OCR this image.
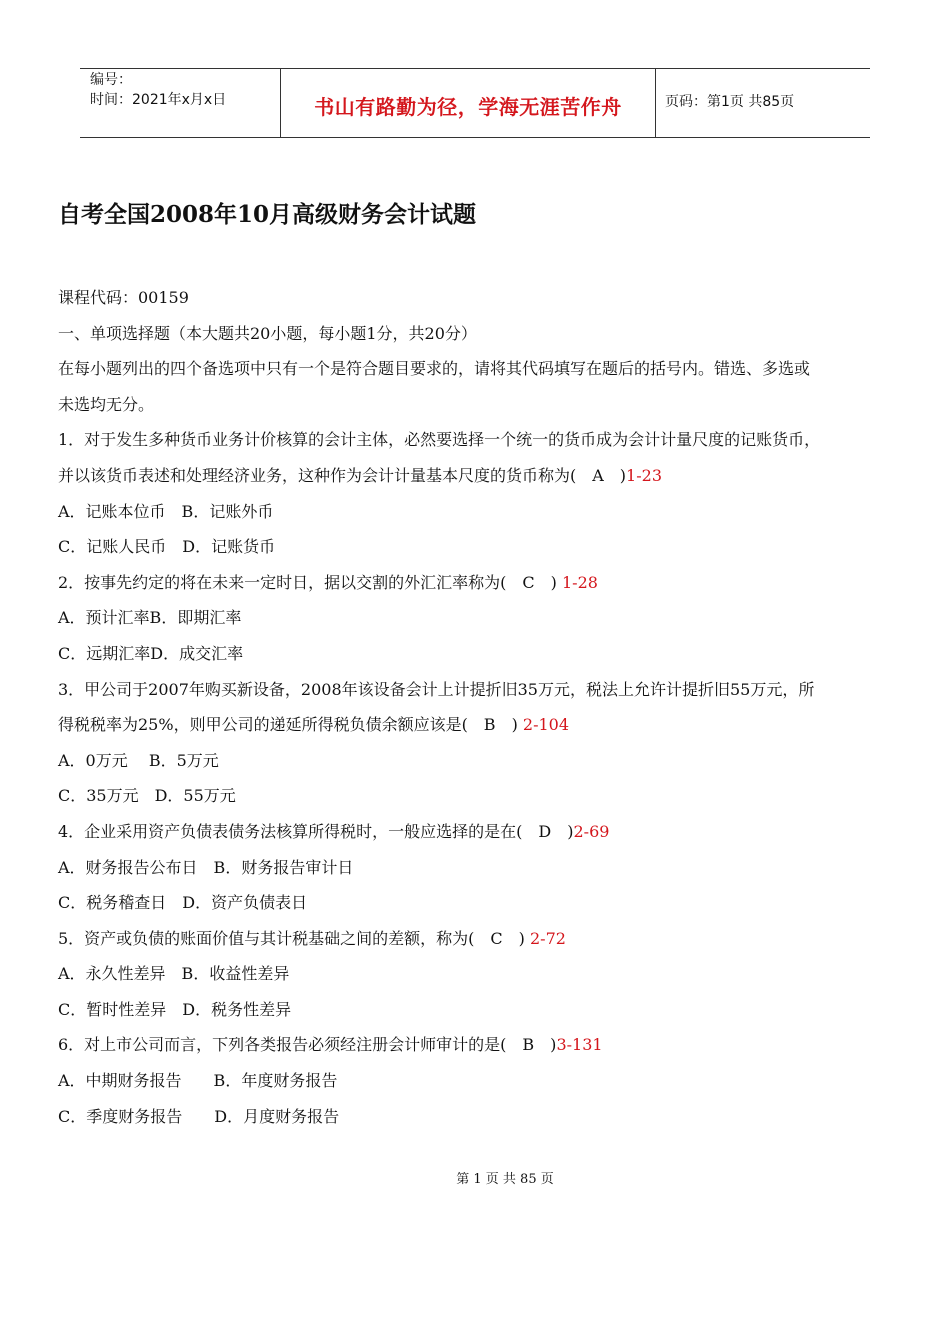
编号：
时间：2021年x月x日	书山有路勤为径，学海无涯苦作舟	页码：第1页 共85页
自考全国2008年10月高级财务会计试题
课程代码：00159
一、单项选择题（本大题共20小题，每小题1分，共20分）
在每小题列出的四个备选项中只有一个是符合题目要求的，请将其代码填写在题后的括号内。错选、多选或
未选均无分。
1．对于发生多种货币业务计价核算的会计主体，必然要选择一个统一的货币成为会计计量尺度的记账货币，
并以该货币表述和处理经济业务，这种作为会计计量基本尺度的货币称为(　A　)1-23
A．记账本位币　B．记账外币
C．记账人民币　D．记账货币
2．按事先约定的将在未来一定时日，据以交割的外汇汇率称为(　C　) 1-28
A．预计汇率B．即期汇率
C．远期汇率D．成交汇率
3．甲公司于2007年购买新设备，2008年该设备会计上计提折旧35万元，税法上允许计提折旧55万元，所
得税税率为25%，则甲公司的递延所得税负债余额应该是(　B　) 2-104
A．0万元　 B．5万元
C．35万元　D．55万元
4．企业采用资产负债表债务法核算所得税时，一般应选择的是在(　D　)2-69
A．财务报告公布日　B．财务报告审计日
C．税务稽查日　D．资产负债表日
5．资产或负债的账面价值与其计税基础之间的差额，称为(　C　) 2-72
A．永久性差异　B．收益性差异
C．暂时性差异　D．税务性差异
6．对上市公司而言，下列各类报告必须经注册会计师审计的是(　B　)3-131
A．中期财务报告　　B．年度财务报告
C．季度财务报告　　D．月度财务报告
第 1 页 共 85 页
